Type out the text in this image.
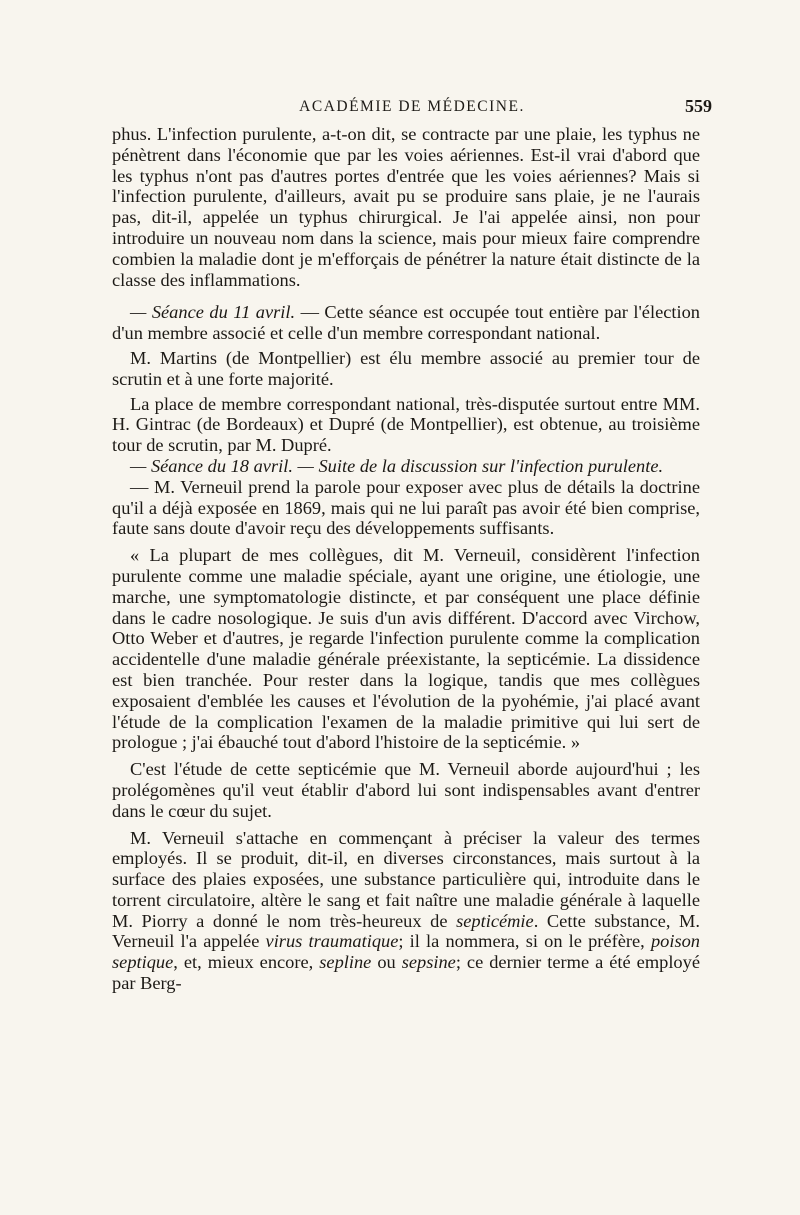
ACADÉMIE DE MÉDECINE.	559

phus. L'infection purulente, a-t-on dit, se contracte par une plaie, les typhus ne pénètrent dans l'économie que par les voies aériennes. Est-il vrai d'abord que les typhus n'ont pas d'autres portes d'entrée que les voies aériennes? Mais si l'infection purulente, d'ailleurs, avait pu se produire sans plaie, je ne l'aurais pas, dit-il, appelée un typhus chirurgical. Je l'ai appelée ainsi, non pour introduire un nouveau nom dans la science, mais pour mieux faire comprendre combien la maladie dont je m'efforçais de pénétrer la nature était distincte de la classe des inflammations.

— Séance du 11 avril. — Cette séance est occupée tout entière par l'élection d'un membre associé et celle d'un membre correspondant national.

M. Martins (de Montpellier) est élu membre associé au premier tour de scrutin et à une forte majorité.

La place de membre correspondant national, très-disputée surtout entre MM. H. Gintrac (de Bordeaux) et Dupré (de Montpellier), est obtenue, au troisième tour de scrutin, par M. Dupré.

— Séance du 18 avril. — Suite de la discussion sur l'infection purulente.

— M. Verneuil prend la parole pour exposer avec plus de détails la doctrine qu'il a déjà exposée en 1869, mais qui ne lui paraît pas avoir été bien comprise, faute sans doute d'avoir reçu des développements suffisants.

« La plupart de mes collègues, dit M. Verneuil, considèrent l'infection purulente comme une maladie spéciale, ayant une origine, une étiologie, une marche, une symptomatologie distincte, et par conséquent une place définie dans le cadre nosologique. Je suis d'un avis différent. D'accord avec Virchow, Otto Weber et d'autres, je regarde l'infection purulente comme la complication accidentelle d'une maladie générale préexistante, la septicémie. La dissidence est bien tranchée. Pour rester dans la logique, tandis que mes collègues exposaient d'emblée les causes et l'évolution de la pyohémie, j'ai placé avant l'étude de la complication l'examen de la maladie primitive qui lui sert de prologue ; j'ai ébauché tout d'abord l'histoire de la septicémie. »

C'est l'étude de cette septicémie que M. Verneuil aborde aujourd'hui ; les prolégomènes qu'il veut établir d'abord lui sont indispensables avant d'entrer dans le cœur du sujet.

M. Verneuil s'attache en commençant à préciser la valeur des termes employés. Il se produit, dit-il, en diverses circonstances, mais surtout à la surface des plaies exposées, une substance particulière qui, introduite dans le torrent circulatoire, altère le sang et fait naître une maladie générale à laquelle M. Piorry a donné le nom très-heureux de septicémie. Cette substance, M. Verneuil l'a appelée virus traumatique; il la nommera, si on le préfère, poison septique, et, mieux encore, sepline ou sepsine; ce dernier terme a été employé par Berg-
